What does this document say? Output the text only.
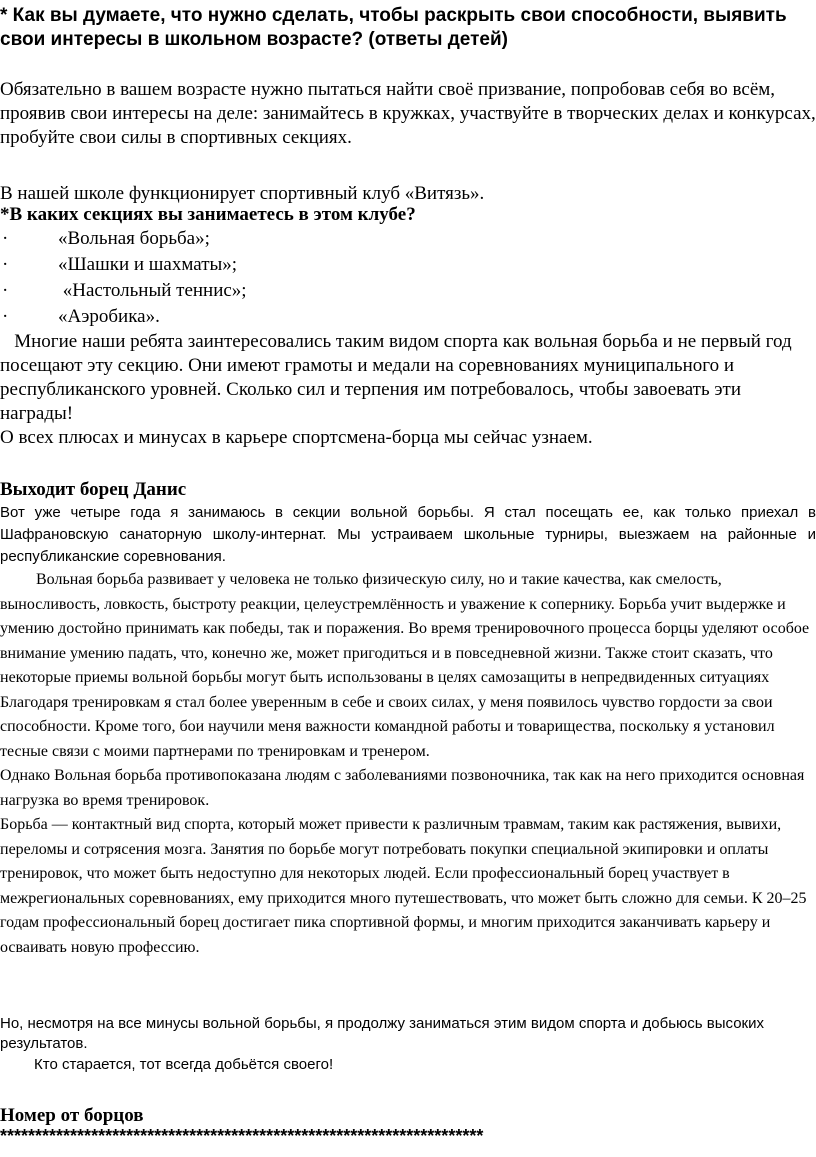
* Как вы думаете, что нужно сделать, чтобы раскрыть свои способности, выявить свои интересы в школьном возрасте? (ответы детей)
Обязательно в вашем возрасте нужно пытаться найти своё призвание, попробовав себя во всём, проявив свои интересы на деле: занимайтесь в кружках, участвуйте в творческих делах и конкурсах, пробуйте свои силы в спортивных секциях.
В нашей школе функционирует спортивный клуб «Витязь».
*В каких секциях вы занимаетесь в этом клубе?
·	«Вольная борьба»;
·	«Шашки и шахматы»;
·	«Настольный теннис»;
·	«Аэробика».
Многие наши ребята заинтересовались таким видом спорта как вольная борьба и не первый год посещают эту секцию. Они имеют грамоты и медали на соревнованиях муниципального и  республиканского уровней. Сколько сил и терпения им потребовалось, чтобы завоевать эти награды!
О всех плюсах и минусах в карьере спортсмена-борца мы сейчас узнаем.
Выходит борец Данис
Вот уже четыре года я занимаюсь в секции вольной борьбы. Я стал посещать ее, как только приехал в Шафрановскую санаторную школу-интернат. Мы устраиваем школьные турниры, выезжаем на районные и республиканские соревнования.
Вольная борьба развивает у человека не только физическую силу, но и такие качества, как смелость, выносливость, ловкость, быстроту реакции, целеустремлённость и уважение к сопернику. Борьба учит выдержке и умению достойно принимать как победы, так и поражения. Во время тренировочного процесса борцы уделяют особое внимание умению падать, что, конечно же, может пригодиться и в повседневной жизни. Также стоит сказать, что некоторые приемы вольной борьбы могут быть использованы в целях самозащиты в непредвиденных ситуациях
Благодаря тренировкам я стал более уверенным в себе и своих силах, у меня появилось чувство гордости за свои способности. Кроме того, бои научили меня важности командной работы и товарищества, поскольку я установил тесные связи с моими партнерами по тренировкам и тренером.
Однако Вольная борьба противопоказана людям с заболеваниями позвоночника, так как на него приходится основная нагрузка во время тренировок.
Борьба — контактный вид спорта, который может привести к различным травмам, таким как растяжения, вывихи, переломы и сотрясения мозга. Занятия по борьбе могут потребовать покупки специальной экипировки и оплаты тренировок, что может быть недоступно для некоторых людей. Если профессиональный борец участвует в межрегиональных соревнованиях, ему приходится много путешествовать, что может быть сложно для семьи. К 20–25 годам профессиональный борец достигает пика спортивной формы, и многим приходится заканчивать карьеру и осваивать новую профессию.
Но, несмотря на все минусы вольной борьбы, я продолжу заниматься этим видом спорта и добьюсь высоких результатов.
Кто старается, тот всегда добьётся своего!
Номер от борцов
*********************************************************************
